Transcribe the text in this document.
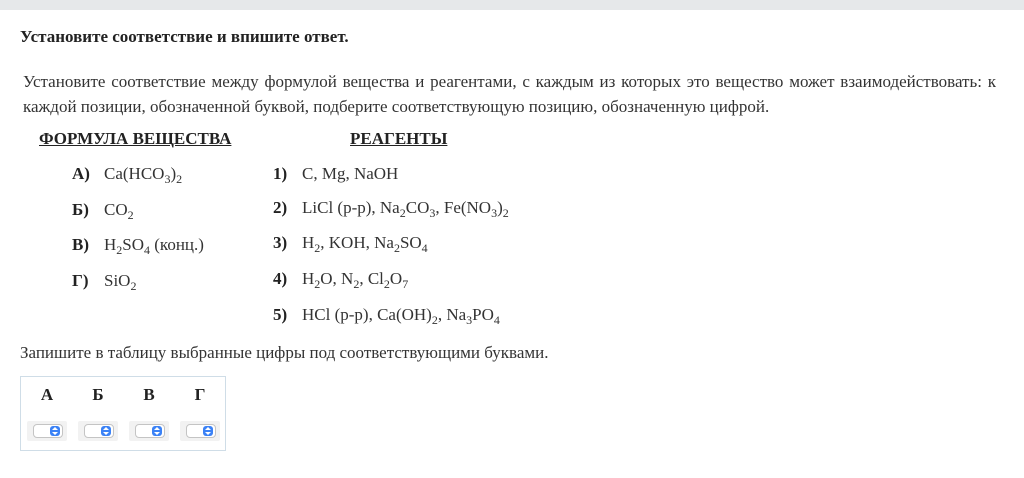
Установите соответствие и впишите ответ.
Установите соответствие между формулой вещества и реагентами, с каждым из которых это вещество может взаимодействовать: к каждой позиции, обозначенной буквой, подберите соответствующую позицию, обозначенную цифрой.
ФОРМУЛА ВЕЩЕСТВА	РЕАГЕНТЫ
А) $Ca(HCO_3)_2$
Б) $CO_2$
В) $H_2SO_4$ (конц.)
Г) SiO$_2$
1) C, Mg, NaOH
2) LiCl (р-р), $Na_2CO_3$, $Fe(NO_3)_2$
3) $H_2$, KOH, $Na_2SO_4$
4) $H_2O$, $N_2$, $Cl_2O_7$
5) HCl (р-р), $Ca(OH)_2$, $Na_3PO_4$
Запишите в таблицу выбранные цифры под соответствующими буквами.
А	Б	В	Г
